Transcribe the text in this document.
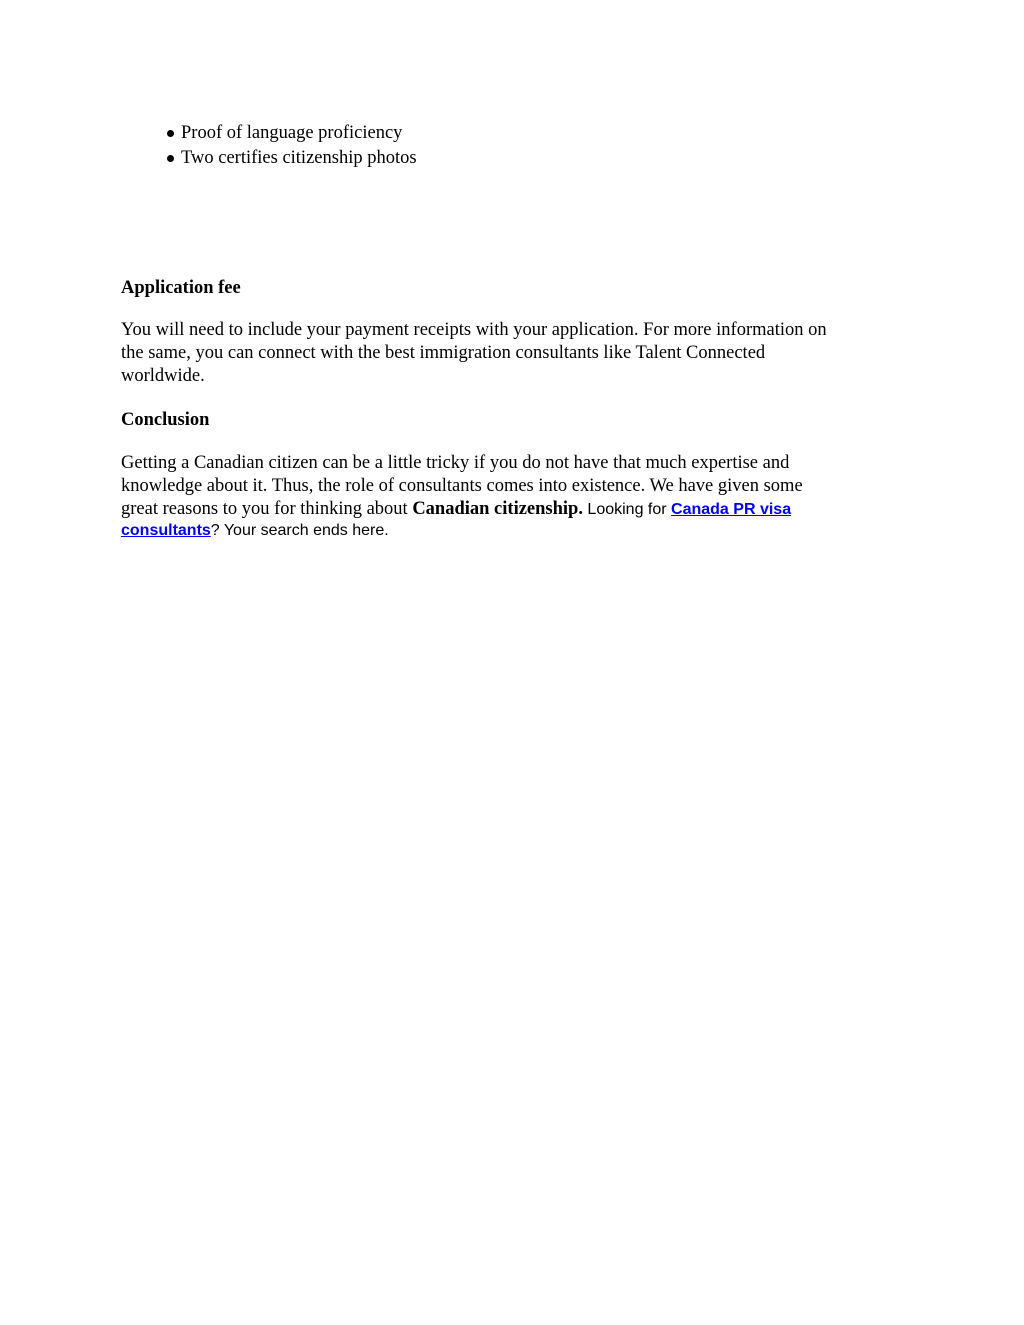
Proof of language proficiency
Two certifies citizenship photos
Application fee
You will need to include your payment receipts with your application. For more information on
the same, you can connect with the best immigration consultants like Talent Connected
worldwide.
Conclusion
Getting a Canadian citizen can be a little tricky if you do not have that much expertise and
knowledge about it. Thus, the role of consultants comes into existence. We have given some
great reasons to you for thinking about Canadian citizenship. Looking for Canada PR visa
consultants? Your search ends here.
